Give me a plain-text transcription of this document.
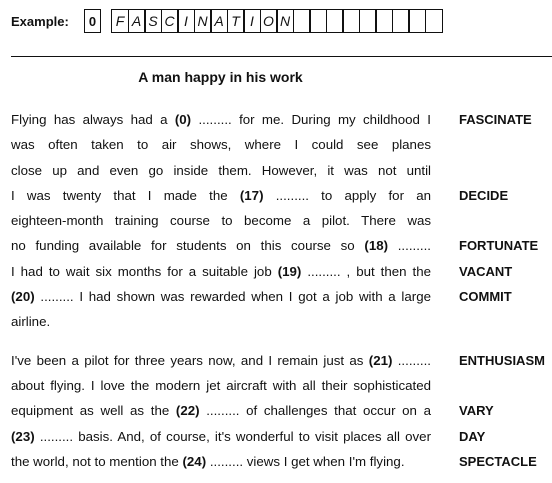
Example:	0	F A S C I N A T I O N
A man happy in his work
Flying has always had a (0) ......... for me. During my childhood I
was often taken to air shows, where I could see planes
close up and even go inside them. However, it was not until
I was twenty that I made the (17) ......... to apply for an
eighteen-month training course to become a pilot. There was
no funding available for students on this course so (18) .........
I had to wait six months for a suitable job (19) ......... , but then the
(20) ......... I had shown was rewarded when I got a job with a large
airline.
I've been a pilot for three years now, and I remain just as (21) .........
about flying. I love the modern jet aircraft with all their sophisticated
equipment as well as the (22) ......... of challenges that occur on a
(23) ......... basis. And, of course, it's wonderful to visit places all over
the world, not to mention the (24) ......... views I get when I'm flying.
FASCINATE
DECIDE
FORTUNATE
VACANT
COMMIT
ENTHUSIASM
VARY
DAY
SPECTACLE
